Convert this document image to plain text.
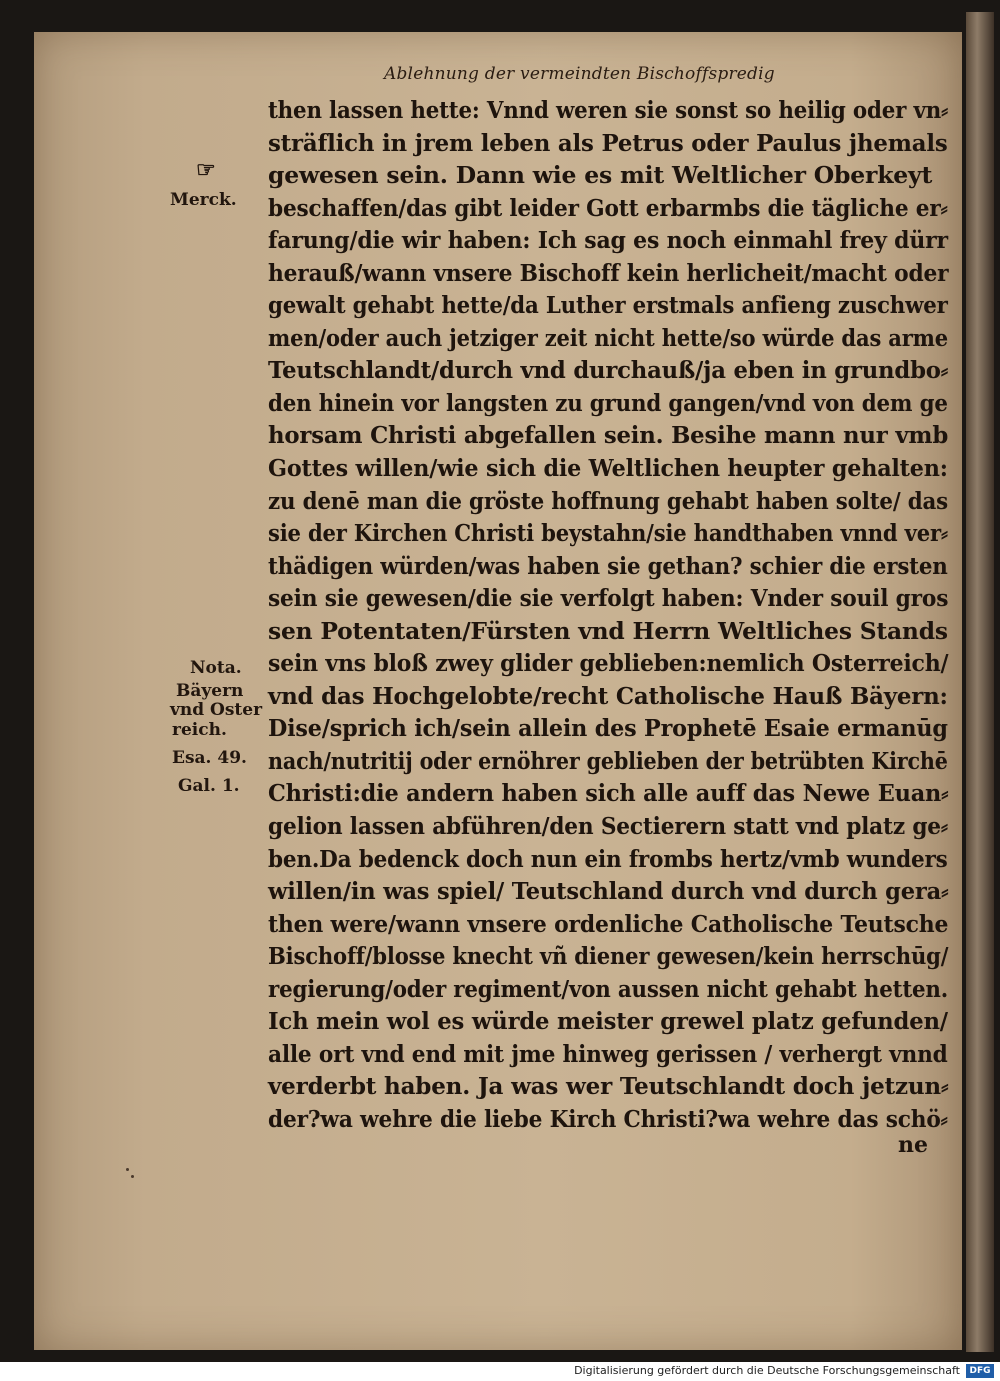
Ablehnung der vermeindten Bischoffspredig
then lassen hette: Vnnd weren sie sonst so heilig oder vn⸗
sträflich in jrem leben als Petrus oder Paulus jhemals
gewesen sein. Dann wie es mit Weltlicher Oberkeyt
beschaffen/das gibt leider Gott erbarmbs die tägliche er⸗
farung/die wir haben: Ich sag es noch einmahl frey dürr
herauß/wann vnsere Bischoff kein herlicheit/macht oder
gewalt gehabt hette/da Luther erstmals anfieng zuschwer
men/oder auch jetziger zeit nicht hette/so würde das arme
Teutschlandt/durch vnd durchauß/ja eben in grundbo⸗
den hinein vor langsten zu grund gangen/vnd von dem ge
horsam Christi abgefallen sein. Besihe mann nur vmb
Gottes willen/wie sich die Weltlichen heupter gehalten:
zu denē man die gröste hoffnung gehabt haben solte/ das
sie der Kirchen Christi beystahn/sie handthaben vnnd ver⸗
thädigen würden/was haben sie gethan? schier die ersten
sein sie gewesen/die sie verfolgt haben: Vnder souil gros
sen Potentaten/Fürsten vnd Herrn Weltliches Stands
sein vns bloß zwey glider geblieben:nemlich Osterreich/
vnd das Hochgelobte/recht Catholische Hauß Bäyern:
Dise/sprich ich/sein allein des Prophetē Esaie ermanūg
nach/nutritij oder ernöhrer geblieben der betrübten Kirchē
Christi:die andern haben sich alle auff das Newe Euan⸗
gelion lassen abführen/den Sectierern statt vnd platz ge⸗
ben.Da bedenck doch nun ein frombs hertz/vmb wunders
willen/in was spiel/ Teutschland durch vnd durch gera⸗
then were/wann vnsere ordenliche Catholische Teutsche
Bischoff/blosse knecht vñ diener gewesen/kein herrschūg/
regierung/oder regiment/von aussen nicht gehabt hetten.
Ich mein wol es würde meister grewel platz gefunden/
alle ort vnd end mit jme hinweg gerissen / verhergt vnnd
verderbt haben. Ja was wer Teutschlandt doch jetzun⸗
der?wa wehre die liebe Kirch Christi?wa wehre das schö⸗
ne
☞
Merck.
Nota.
Bäyern
vnd Oster
reich.
Esa. 49.
Gal. 1.
Digitalisierung gefördert durch die Deutsche Forschungsgemeinschaft	DFG
